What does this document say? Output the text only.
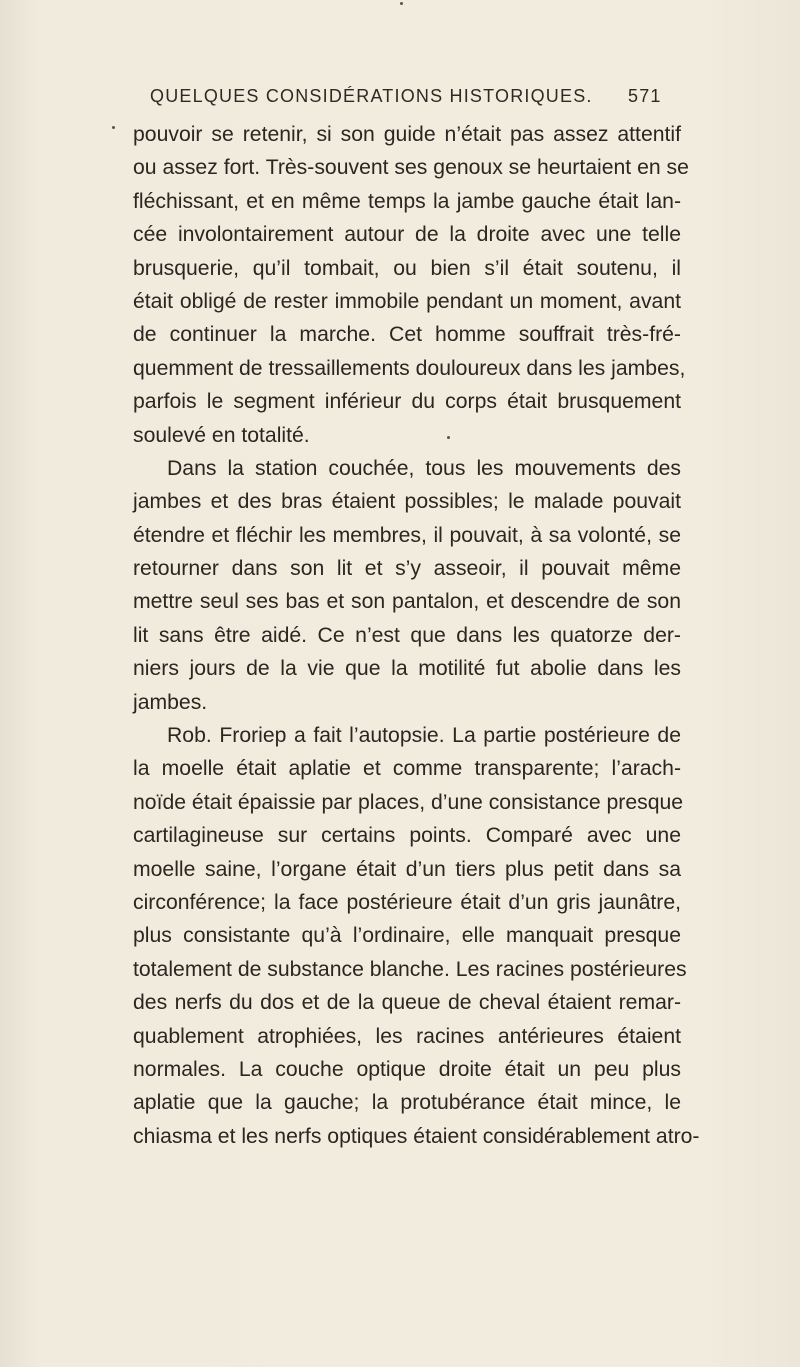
QUELQUES CONSIDÉRATIONS HISTORIQUES. 571
pouvoir se retenir, si son guide n’était pas assez attentif
ou assez fort. Très-souvent ses genoux se heurtaient en se
fléchissant, et en même temps la jambe gauche était lan-
cée involontairement autour de la droite avec une telle
brusquerie, qu’il tombait, ou bien s’il était soutenu, il
était obligé de rester immobile pendant un moment, avant
de continuer la marche. Cet homme souffrait très-fré-
quemment de tressaillements douloureux dans les jambes,
parfois le segment inférieur du corps était brusquement
soulevé en totalité.
Dans la station couchée, tous les mouvements des
jambes et des bras étaient possibles; le malade pouvait
étendre et fléchir les membres, il pouvait, à sa volonté, se
retourner dans son lit et s’y asseoir, il pouvait même
mettre seul ses bas et son pantalon, et descendre de son
lit sans être aidé. Ce n’est que dans les quatorze der-
niers jours de la vie que la motilité fut abolie dans les
jambes.
Rob. Froriep a fait l’autopsie. La partie postérieure de
la moelle était aplatie et comme transparente; l’arach-
noïde était épaissie par places, d’une consistance presque
cartilagineuse sur certains points. Comparé avec une
moelle saine, l’organe était d’un tiers plus petit dans sa
circonférence; la face postérieure était d’un gris jaunâtre,
plus consistante qu’à l’ordinaire, elle manquait presque
totalement de substance blanche. Les racines postérieures
des nerfs du dos et de la queue de cheval étaient remar-
quablement atrophiées, les racines antérieures étaient
normales. La couche optique droite était un peu plus
aplatie que la gauche; la protubérance était mince, le
chiasma et les nerfs optiques étaient considérablement atro-
